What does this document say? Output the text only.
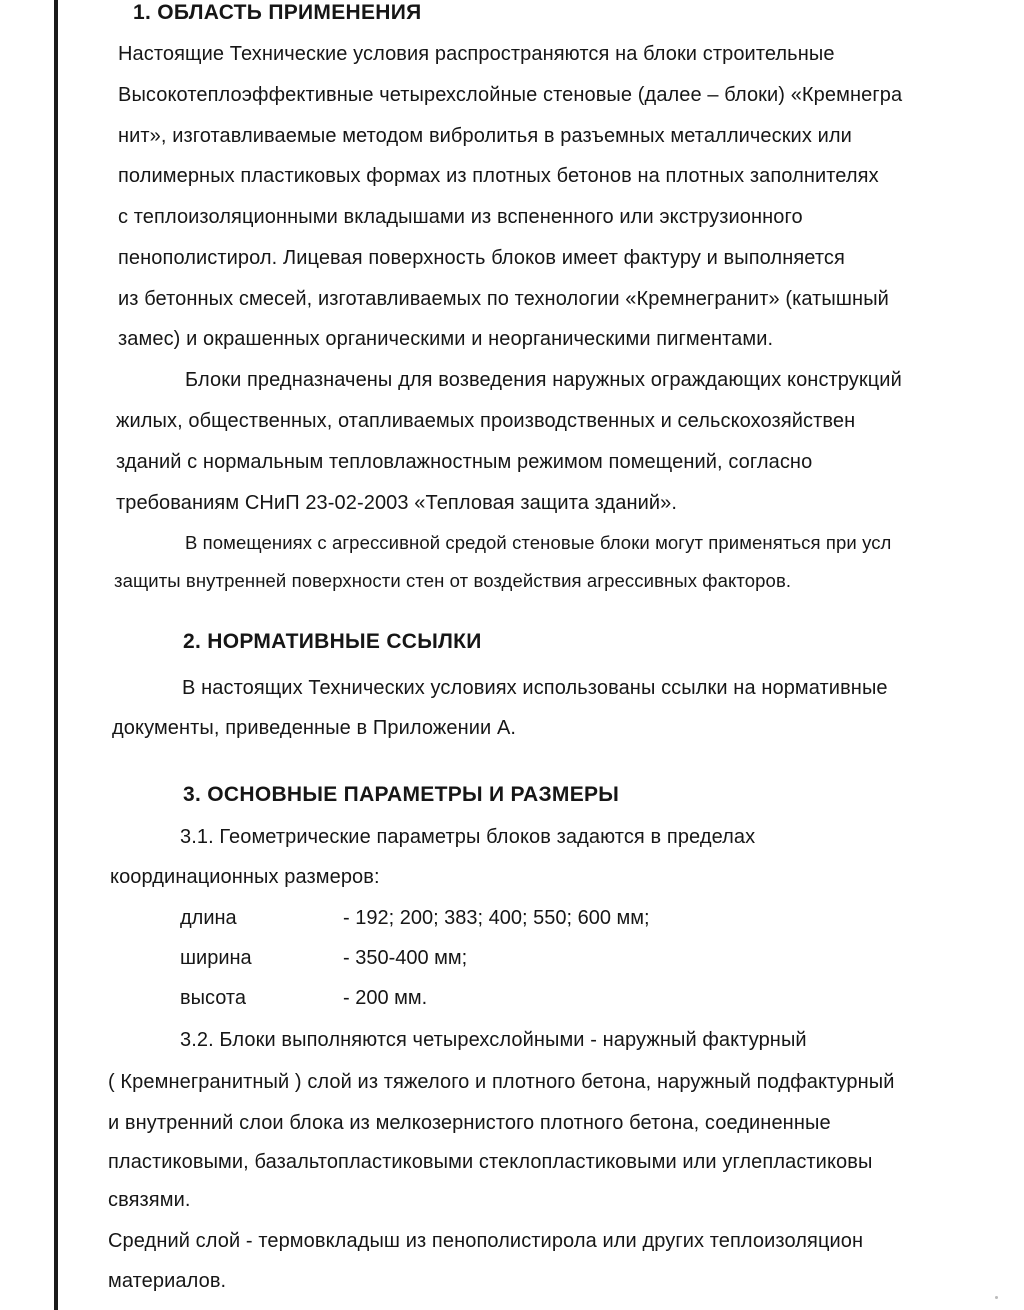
1. ОБЛАСТЬ ПРИМЕНЕНИЯ
Настоящие Технические условия распространяются на блоки строительные
Высокотеплоэффективные четырехслойные стеновые (далее – блоки) «Кремнегра
нит», изготавливаемые методом вибролитья в разъемных металлических или
полимерных пластиковых формах из плотных бетонов на плотных заполнителях
с теплоизоляционными вкладышами из вспененного или экструзионного
пенополистирол. Лицевая поверхность блоков имеет фактуру и выполняется
из бетонных смесей, изготавливаемых по технологии «Кремнегранит» (катышный
замес) и окрашенных органическими и неорганическими пигментами.
Блоки предназначены для возведения наружных ограждающих конструкций
жилых, общественных, отапливаемых производственных и сельскохозяйствен
зданий с нормальным тепловлажностным режимом помещений, согласно
требованиям СНиП 23-02-2003 «Тепловая защита зданий».
В помещениях с агрессивной средой стеновые блоки могут применяться при усл
защиты внутренней поверхности стен от воздействия агрессивных факторов.
2. НОРМАТИВНЫЕ ССЫЛКИ
В настоящих Технических условиях использованы ссылки на нормативные
документы, приведенные в Приложении А.
3. ОСНОВНЫЕ ПАРАМЕТРЫ И РАЗМЕРЫ
3.1. Геометрические параметры блоков задаются в пределах
координационных размеров:
длина	- 192; 200; 383; 400; 550; 600 мм;
ширина	- 350-400 мм;
высота	- 200 мм.
3.2. Блоки выполняются четырехслойными - наружный фактурный
( Кремнегранитный ) слой из тяжелого и плотного бетона, наружный подфактурный
и внутренний слои блока из мелкозернистого плотного бетона, соединенные
пластиковыми, базальтопластиковыми стеклопластиковыми или углепластиковы
связями.
Средний слой - термовкладыш из пенополистирола или других теплоизоляцион
материалов.
